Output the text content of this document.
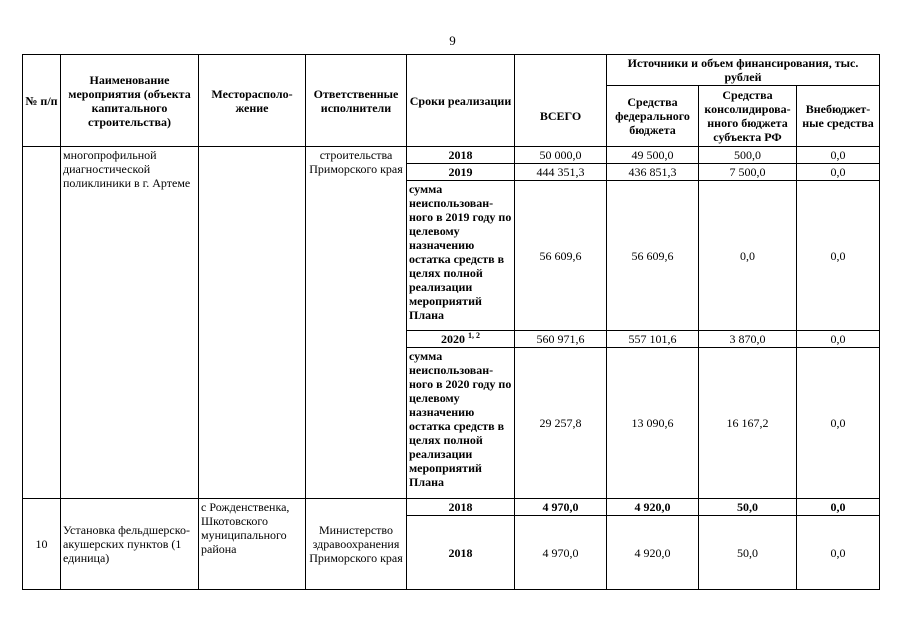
9
№ п/п	Наименование мероприятия (объекта капитального строительства)	Месторасполо- жение	Ответственные исполнители	Сроки реализации		Источники и объем финансирования, тыс. рублей		
					ВСЕГО	Средства федерального бюджета	Средства консолидирова- нного бюджета субъекта РФ	Внебюджет- ные средства
	многопрофильной диагностической поликлиники в г. Артеме		строительства Приморского края	2018	50 000,0	49 500,0	500,0	0,0
				2019	444 351,3	436 851,3	7 500,0	0,0
				сумма неиспользован- ного в 2019 году по целевому назначению остатка средств в целях полной реализации мероприятий Плана	56 609,6	56 609,6	0,0	0,0
				2020 $^{1, 2}$	560 971,6	557 101,6	3 870,0	0,0
				сумма неиспользован- ного в 2020 году по целевому назначению остатка средств в целях полной реализации мероприятий Плана	29 257,8	13 090,6	16 167,2	0,0
10	Установка фельдшерско- акушерских пунктов (1 единица)	с Рожденственка, Шкотовского муниципального района	Министерство здравоохранения Приморского края	2018	4 970,0	4 920,0	50,0	0,0
				2018	4 970,0	4 920,0	50,0	0,0
